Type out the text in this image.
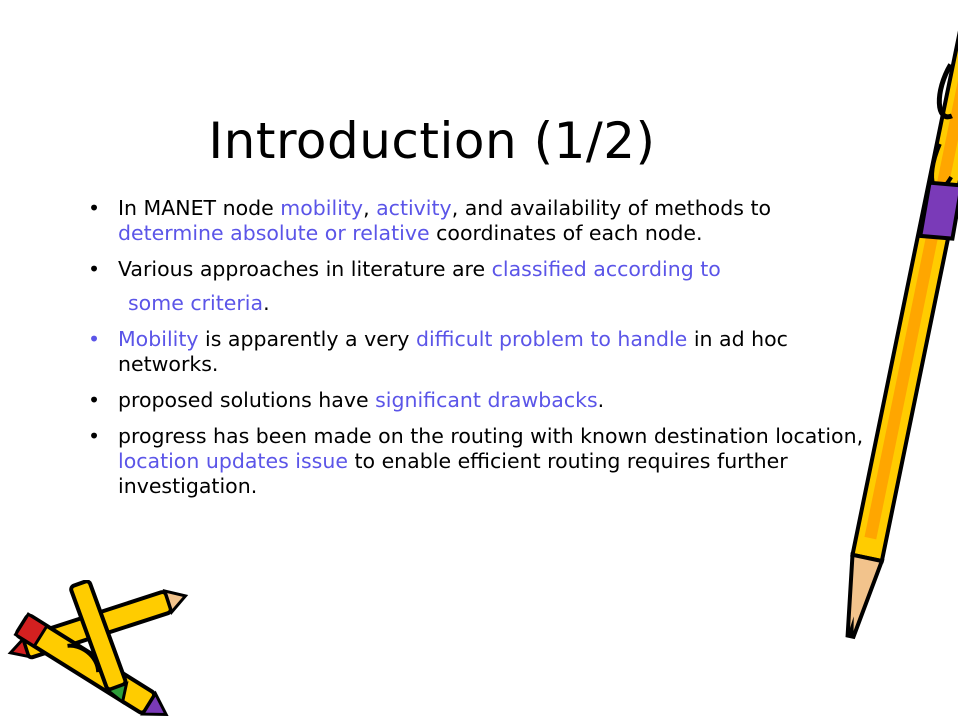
Introduction (1/2)
• In MANET node mobility, activity, and availability of methods to determine absolute or relative coordinates of each node.
• Various approaches in literature are classified according to
some criteria.
• Mobility is apparently a very difficult problem to handle in ad hoc networks.
• proposed solutions have significant drawbacks.
• progress has been made on the routing with known destination location, location updates issue to enable efficient routing requires further investigation.
